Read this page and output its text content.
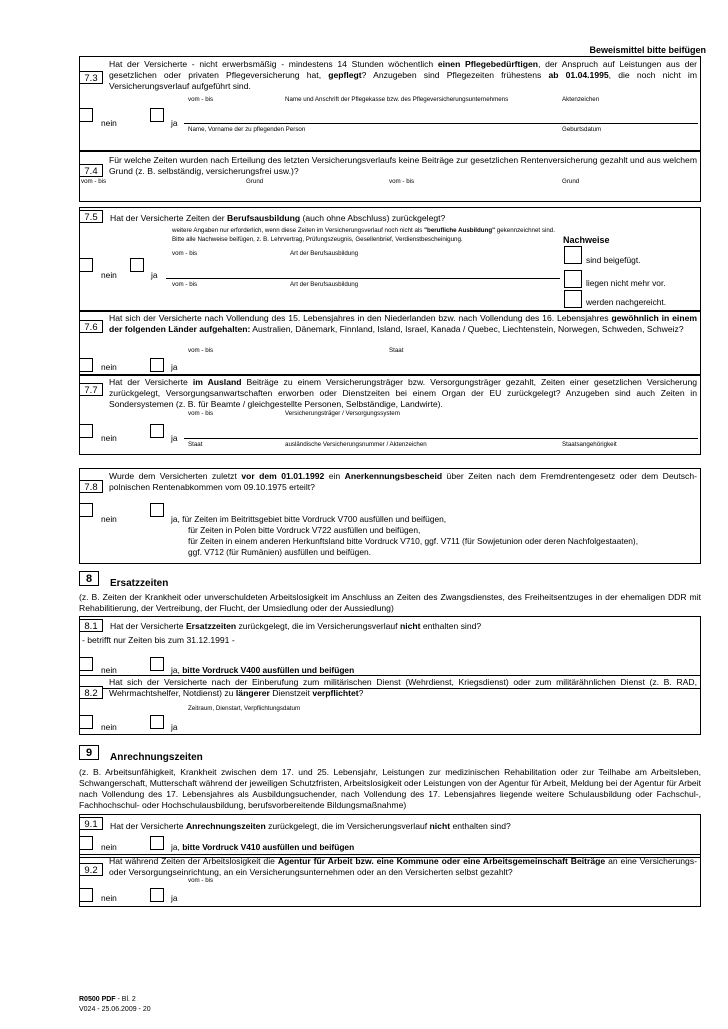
Beweismittel bitte beifügen
7.3
Hat der Versicherte - nicht erwerbsmäßig - mindestens 14 Stunden wöchentlich einen Pflegebedürftigen, der Anspruch auf Leistungen aus der gesetzlichen oder privaten Pflegeversicherung hat, gepflegt? Anzugeben sind Pflegezeiten frühestens ab 01.04.1995, die noch nicht im Versicherungsverlauf aufgeführt sind.
vom - bis	Name und Anschrift der Pflegekasse bzw. des Pflegeversicherungsunternehmens	Aktenzeichen
nein	ja
Name, Vorname der zu pflegenden Person	Geburtsdatum
7.4
Für welche Zeiten wurden nach Erteilung des letzten Versicherungsverlaufs keine Beiträge zur gesetzlichen Rentenversicherung gezahlt und aus welchem Grund (z. B. selbständig, versicherungsfrei usw.)?
vom - bis	Grund	vom - bis	Grund
7.5	Hat der Versicherte Zeiten der Berufsausbildung (auch ohne Abschluss) zurückgelegt?
weitere Angaben nur erforderlich, wenn diese Zeiten im Versicherungsverlauf noch nicht als "berufliche Ausbildung" gekennzeichnet sind.
Bitte alle Nachweise beifügen, z. B. Lehrvertrag, Prüfungszeugnis, Gesellenbrief, Verdienstbescheinigung.	Nachweise
vom - bis	Art der Berufsausbildung
sind beigefügt.
nein	ja
vom - bis	Art der Berufsausbildung	liegen nicht mehr vor.
werden nachgereicht.
7.6
Hat sich der Versicherte nach Vollendung des 15. Lebensjahres in den Niederlanden bzw. nach Vollendung des 16. Lebensjahres gewöhnlich in einem der folgenden Länder aufgehalten: Australien, Dänemark, Finnland, Island, Israel, Kanada / Quebec, Liechtenstein, Norwegen, Schweden, Schweiz?
vom - bis	Staat
nein	ja
7.7
Hat der Versicherte im Ausland Beiträge zu einem Versicherungsträger bzw. Versorgungsträger gezahlt, Zeiten einer gesetzlichen Versicherung zurückgelegt, Versorgungsanwartschaften erworben oder Dienstzeiten bei einem Organ der EU zurückgelegt? Anzugeben sind auch Zeiten in Sondersystemen (z. B. für Beamte / gleichgestellte Personen, Selbständige, Landwirte).
vom - bis	Versicherungsträger / Versorgungssystem
nein	ja
Staat	ausländische Versicherungsnummer / Aktenzeichen	Staatsangehörigkeit
7.8
Wurde dem Versicherten zuletzt vor dem 01.01.1992 ein Anerkennungsbescheid über Zeiten nach dem Fremdrentengesetz oder dem Deutsch-polnischen Rentenabkommen vom 09.10.1975 erteilt?
nein	ja, für Zeiten im Beitrittsgebiet bitte Vordruck V700 ausfüllen und beifügen,
für Zeiten in Polen bitte Vordruck V722 ausfüllen und beifügen,
für Zeiten in einem anderen Herkunftsland bitte Vordruck V710, ggf. V711 (für Sowjetunion oder deren Nachfolgestaaten),
ggf. V712 (für Rumänien) ausfüllen und beifügen.
8	Ersatzzeiten
(z. B. Zeiten der Krankheit oder unverschuldeten Arbeitslosigkeit im Anschluss an Zeiten des Zwangsdienstes, des Freiheitsentzuges in der ehemaligen DDR mit Rehabilitierung, der Vertreibung, der Flucht, der Umsiedlung oder der Aussiedlung)
8.1	Hat der Versicherte Ersatzzeiten zurückgelegt, die im Versicherungsverlauf nicht enthalten sind?
- betrifft nur Zeiten bis zum 31.12.1991 -
nein	ja, bitte Vordruck V400 ausfüllen und beifügen
8.2
Hat sich der Versicherte nach der Einberufung zum militärischen Dienst (Wehrdienst, Kriegsdienst) oder zum militärähnlichen Dienst (z. B. RAD, Wehrmachtshelfer, Notdienst) zu längerer Dienstzeit verpflichtet?
Zeitraum, Dienstart, Verpflichtungsdatum
nein	ja
9	Anrechnungszeiten
(z. B. Arbeitsunfähigkeit, Krankheit zwischen dem 17. und 25. Lebensjahr, Leistungen zur medizinischen Rehabilitation oder zur Teilhabe am Arbeitsleben, Schwangerschaft, Mutterschaft während der jeweiligen Schutzfristen, Arbeitslosigkeit oder Leistungen von der Agentur für Arbeit, Meldung bei der Agentur für Arbeit nach Vollendung des 17. Lebensjahres als Ausbildungsuchender, nach Vollendung des 17. Lebensjahres liegende weitere Schulausbildung oder Fachschul-, Fachhochschul- oder Hochschulausbildung, berufsvorbereitende Bildungsmaßnahme)
9.1	Hat der Versicherte Anrechnungszeiten zurückgelegt, die im Versicherungsverlauf nicht enthalten sind?
nein	ja, bitte Vordruck V410 ausfüllen und beifügen
9.2
Hat während Zeiten der Arbeitslosigkeit die Agentur für Arbeit bzw. eine Kommune oder eine Arbeitsgemeinschaft Beiträge an eine Versicherungs- oder Versorgungseinrichtung, an ein Versicherungsunternehmen oder an den Versicherten selbst gezahlt?
vom - bis
nein	ja
R0500 PDF - Bl. 2
V024 - 25.06.2009 - 20
